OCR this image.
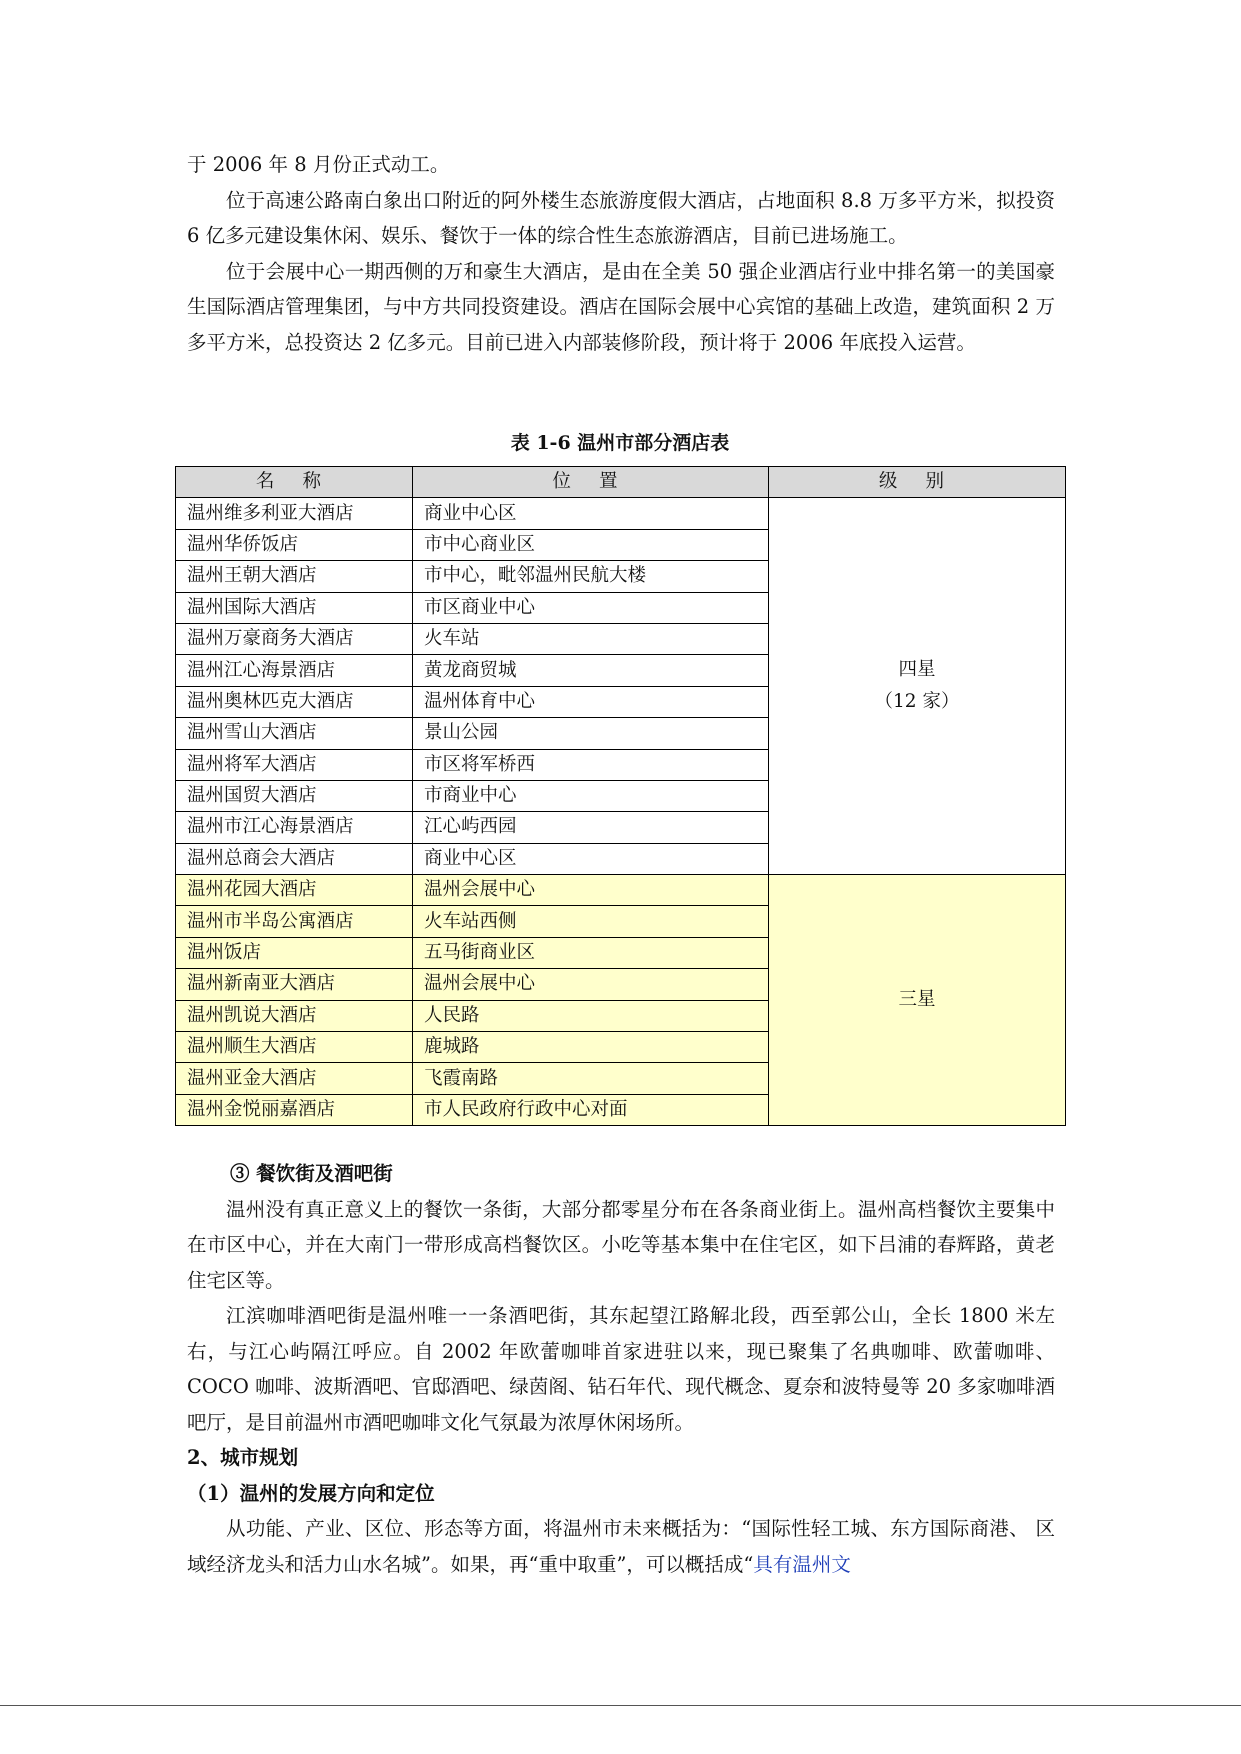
于 2006 年 8 月份正式动工。

位于高速公路南白象出口附近的阿外楼生态旅游度假大酒店，占地面积 8.8 万多平方米，拟投资 6 亿多元建设集休闲、娱乐、餐饮于一体的综合性生态旅游酒店，目前已进场施工。

位于会展中心一期西侧的万和豪生大酒店，是由在全美 50 强企业酒店行业中排名第一的美国豪生国际酒店管理集团，与中方共同投资建设。酒店在国际会展中心宾馆的基础上改造，建筑面积 2 万多平方米，总投资达 2 亿多元。目前已进入内部装修阶段，预计将于 2006 年底投入运营。

表 1-6 温州市部分酒店表
名 称	位 置	级 别
温州维多利亚大酒店	商业中心区	四星
（12 家）

温州华侨饭店	市中心商业区	
温州王朝大酒店	市中心，毗邻温州民航大楼	
温州国际大酒店	市区商业中心	
温州万豪商务大酒店	火车站	
温州江心海景酒店	黄龙商贸城	
温州奥林匹克大酒店	温州体育中心	
温州雪山大酒店	景山公园	
温州将军大酒店	市区将军桥西	
温州国贸大酒店	市商业中心	
温州市江心海景酒店	江心屿西园	
温州总商会大酒店	商业中心区	
温州花园大酒店	温州会展中心	三星
温州市半岛公寓酒店	火车站西侧	
温州饭店	五马街商业区	
温州新南亚大酒店	温州会展中心	
温州凯说大酒店	人民路	
温州顺生大酒店	鹿城路	
温州亚金大酒店	飞霞南路	
温州金悦丽嘉酒店	市人民政府行政中心对面	

③ 餐饮街及酒吧街

温州没有真正意义上的餐饮一条街，大部分都零星分布在各条商业街上。温州高档餐饮主要集中在市区中心，并在大南门一带形成高档餐饮区。小吃等基本集中在住宅区，如下吕浦的春辉路，黄老住宅区等。

江滨咖啡酒吧街是温州唯一一条酒吧街，其东起望江路解北段，西至郭公山，全长 1800 米左右，与江心屿隔江呼应。自 2002 年欧蕾咖啡首家进驻以来，现已聚集了名典咖啡、欧蕾咖啡、COCO 咖啡、波斯酒吧、官邸酒吧、绿茵阁、钻石年代、现代概念、夏奈和波特曼等 20 多家咖啡酒吧厅，是目前温州市酒吧咖啡文化气氛最为浓厚休闲场所。

2、城市规划

（1）温州的发展方向和定位

从功能、产业、区位、形态等方面，将温州市未来概括为：“国际性轻工城、东方国际商港、 区域经济龙头和活力山水名城”。如果，再“重中取重”，可以概括成“具有温州文
